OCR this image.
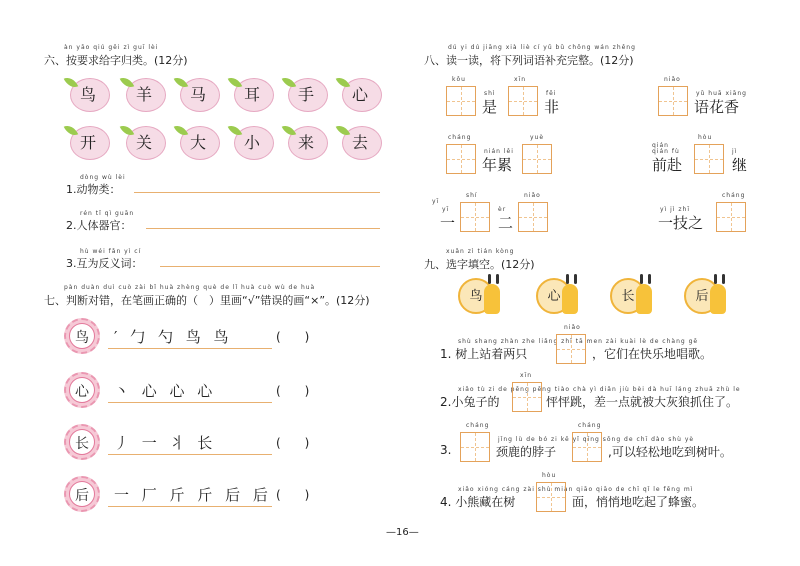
àn yāo qiú gěi zì guī lèi
六、按要求给字归类。(12分)
鸟	羊	马	耳	手	心
开	关	大	小	来	去
dòng wù lèi
1.动物类：
rén tǐ qì guān
2.人体器官：
hù wéi fǎn yì cí
3.互为反义词：
pàn duàn duì cuò zài bǐ huà zhèng què de lǐ huà cuò wù de huà
七、判断对错，在笔画正确的（　）里画“√”错误的画“×”。(12分)
鸟	′ 勹 勺 鸟 鸟	(　　)
心	丶 心 心 心	(　　)
长	丿 一 丬 长	(　　)
后	一 厂 斤 斤 后 后 (　　)
dú yi dú jiāng xià liè cí yǔ bǔ chōng wán zhěng
八、读一读，将下列词语补充完整。(12分)
kǒu
shì
是
xīn
fēi
非
niǎo
yǔ huā xiāng
语花香
cháng
nián lěi
年累
yuè
qián fù
hòu
前赴
jì
继
qián
yī
一
shí
èr
二
niǎo
yì jì zhī
一技之
cháng
yī
xuǎn zì tián kòng
九、选字填空。(12分)
鸟	心	长	后
niǎo
shù shang zhàn zhe liǎng zhī tā men zài kuài lè de chàng gē
1. 树上站着两只	，它们在快乐地唱歌。
xīn
xiǎo tù zi de pēng pēng tiào chà yì diǎn jiù bèi dà huī láng zhuā zhù le
2.小兔子的	怦怦跳，差一点就被大灰狼抓住了。
cháng	cháng
jǐng lù de bó zi kě yǐ qīng sōng de chī dào shù yè
3.	颈鹿的脖子	,可以轻松地吃到树叶。
hòu
xiǎo xióng cáng zài shù miàn qiāo qiāo de chī qǐ le fēng mì
4. 小熊藏在树	面，悄悄地吃起了蜂蜜。
—16—
